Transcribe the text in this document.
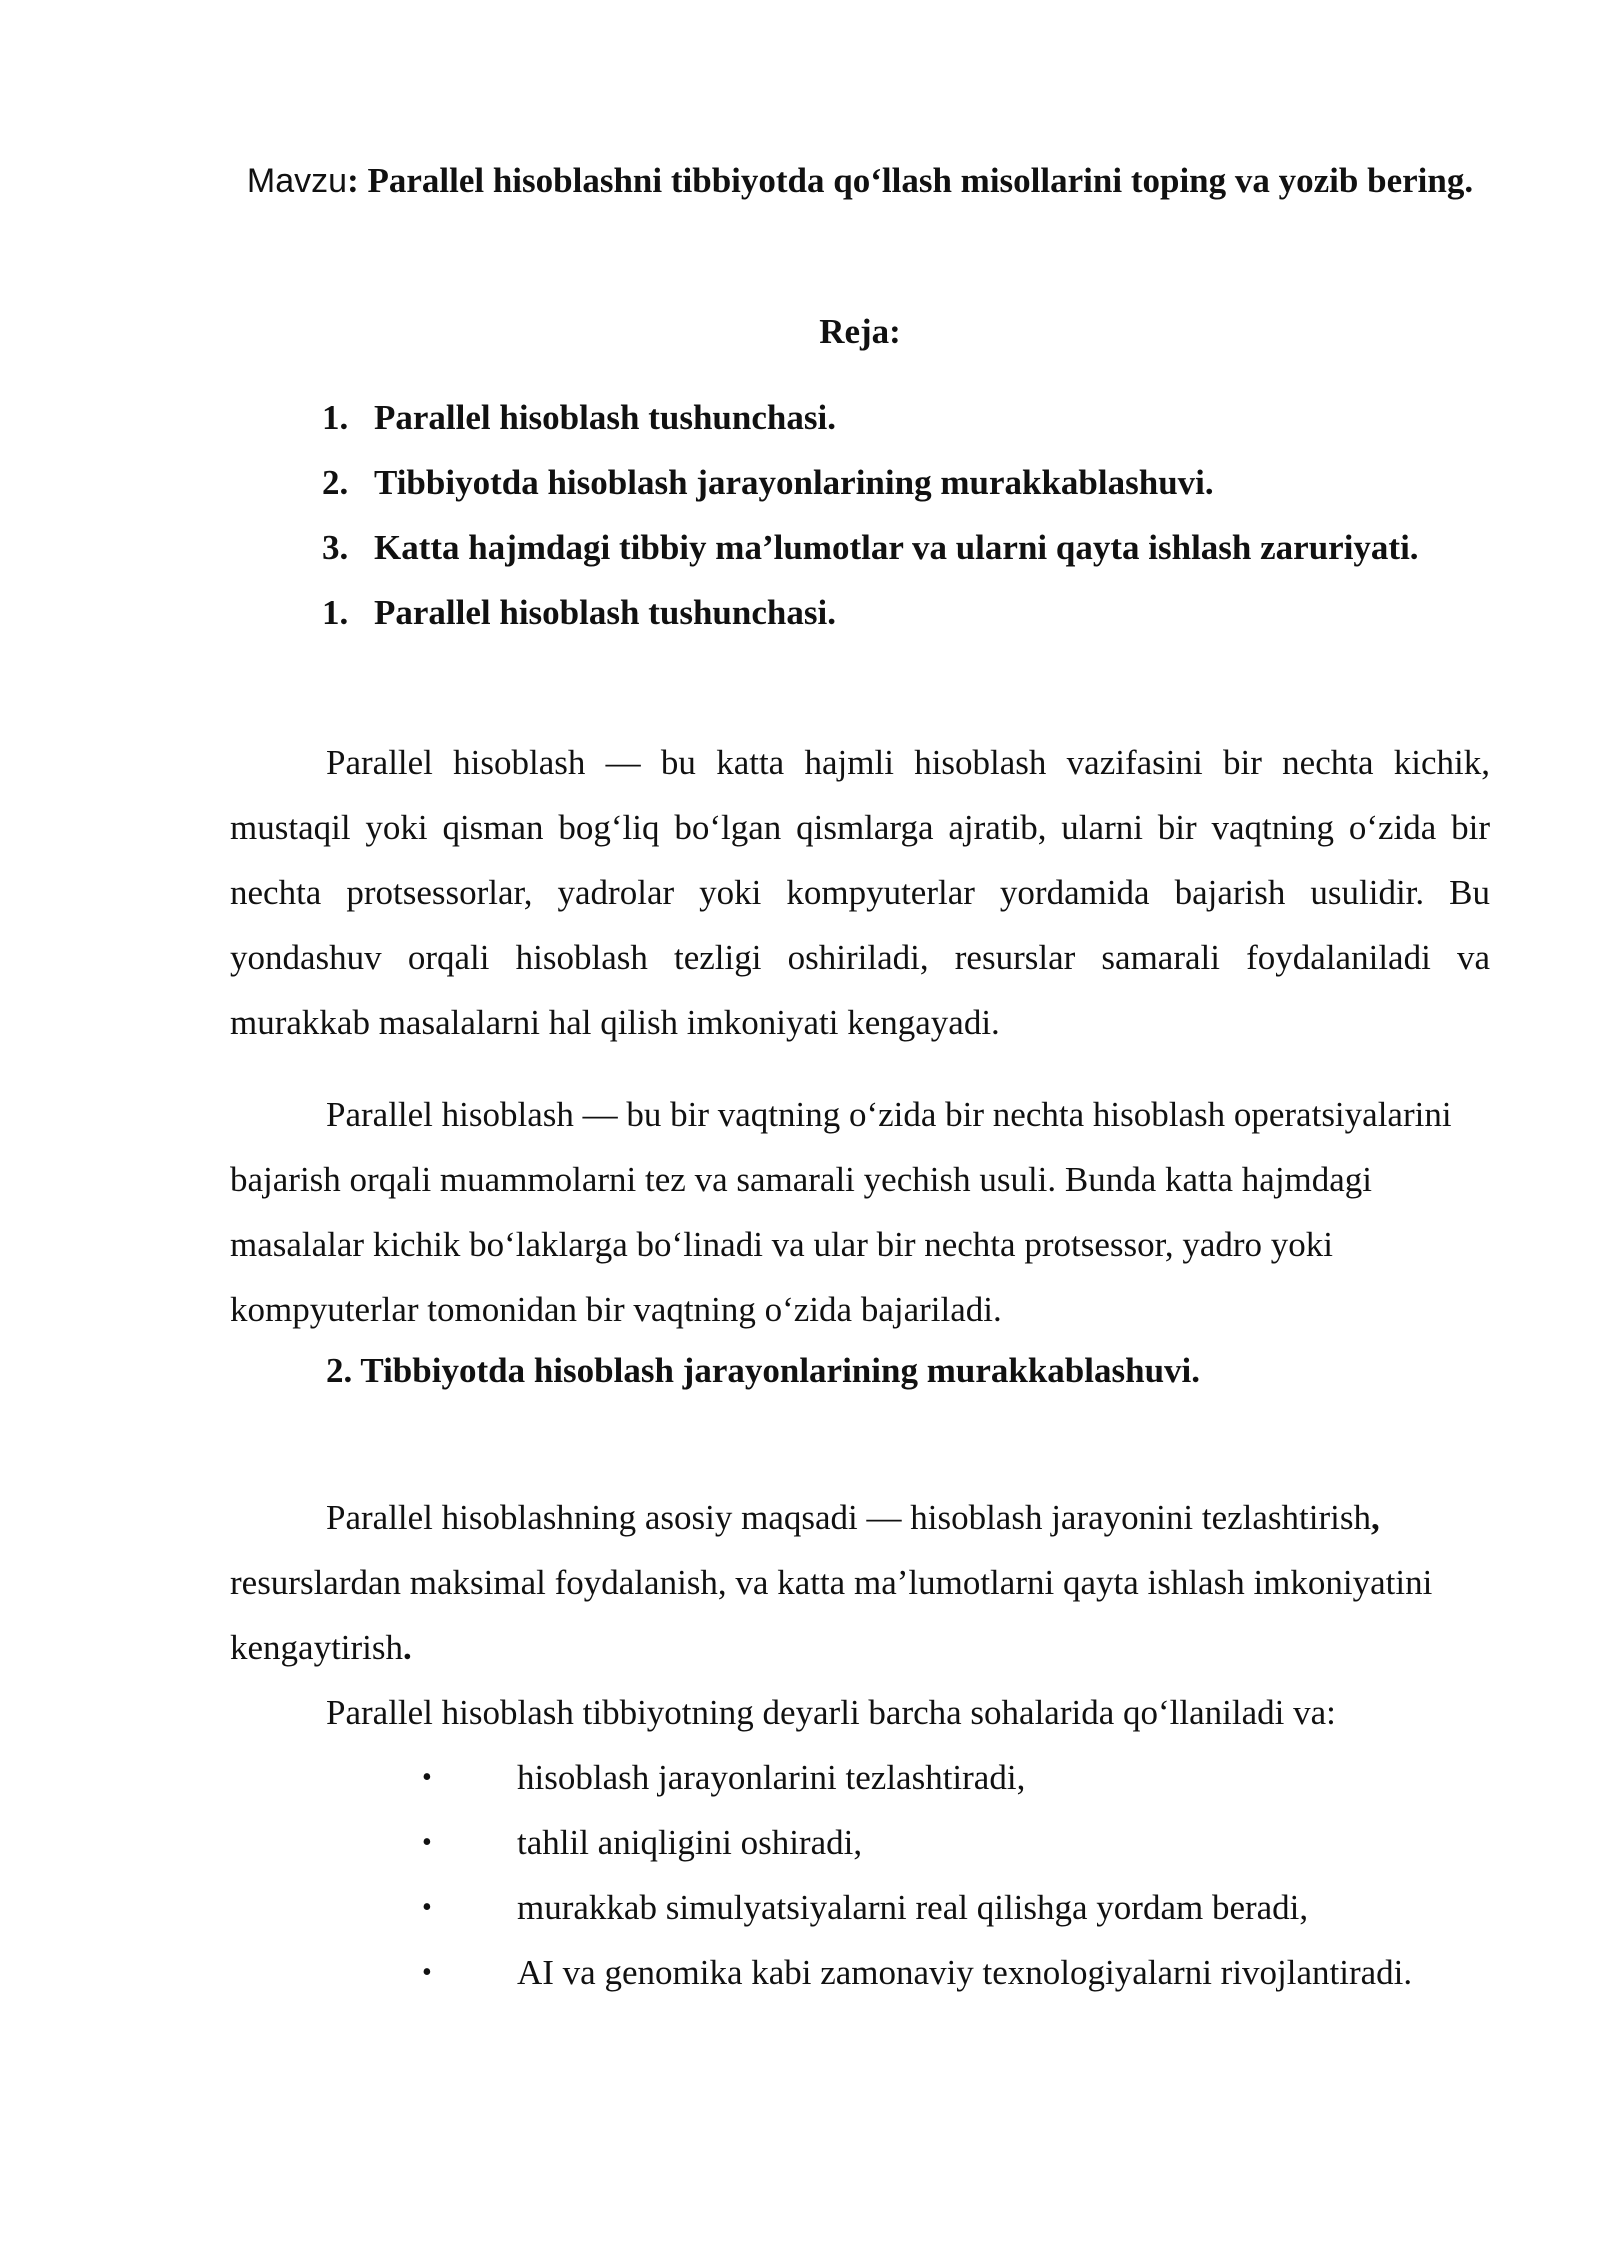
Mavzu: Parallel hisoblashni tibbiyotda qo‘llash misollarini toping va yozib bering.
Reja:
1. Parallel hisoblash tushunchasi.
2. Tibbiyotda hisoblash jarayonlarining murakkablashuvi.
3. Katta hajmdagi tibbiy ma’lumotlar va ularni qayta ishlash zaruriyati.
1. Parallel hisoblash tushunchasi.

Parallel hisoblash — bu katta hajmli hisoblash vazifasini bir nechta kichik, mustaqil yoki qisman bog‘liq bo‘lgan qismlarga ajratib, ularni bir vaqtning o‘zida bir nechta protsessorlar, yadrolar yoki kompyuterlar yordamida bajarish usulidir. Bu yondashuv orqali hisoblash tezligi oshiriladi, resurslar samarali foydalaniladi va murakkab masalalarni hal qilish imkoniyati kengayadi.

Parallel hisoblash — bu bir vaqtning o‘zida bir nechta hisoblash operatsiyalarini bajarish orqali muammolarni tez va samarali yechish usuli. Bunda katta hajmdagi masalalar kichik bo‘laklarga bo‘linadi va ular bir nechta protsessor, yadro yoki kompyuterlar tomonidan bir vaqtning o‘zida bajariladi.

2. Tibbiyotda hisoblash jarayonlarining murakkablashuvi.

Parallel hisoblashning asosiy maqsadi — hisoblash jarayonini tezlashtirish, resurslardan maksimal foydalanish, va katta ma’lumotlarni qayta ishlash imkoniyatini kengaytirish.

Parallel hisoblash tibbiyotning deyarli barcha sohalarida qo‘llaniladi va:

• hisoblash jarayonlarini tezlashtiradi,
• tahlil aniqligini oshiradi,
• murakkab simulyatsiyalarni real qilishga yordam beradi,
• AI va genomika kabi zamonaviy texnologiyalarni rivojlantiradi.
